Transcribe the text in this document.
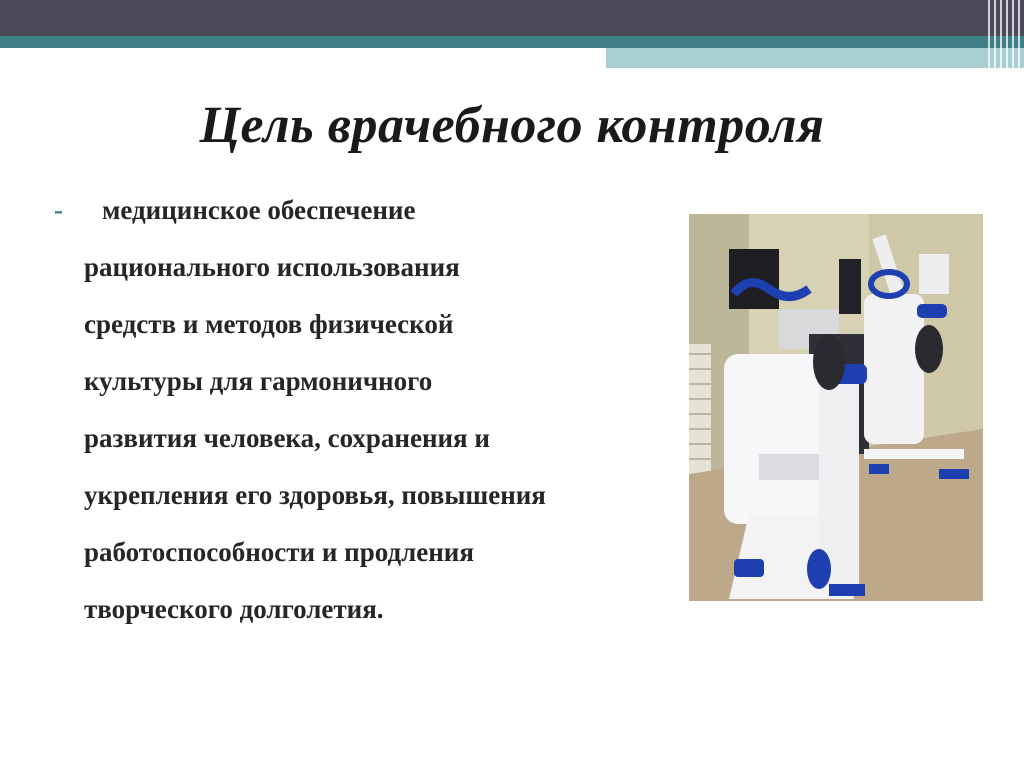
Цель врачебного контроля
-	медицинское обеспечение
рационального использования
средств и методов физической
культуры для гармоничного
развития человека, сохранения и
укрепления его здоровья, повышения
работоспособности и продления
творческого долголетия.
